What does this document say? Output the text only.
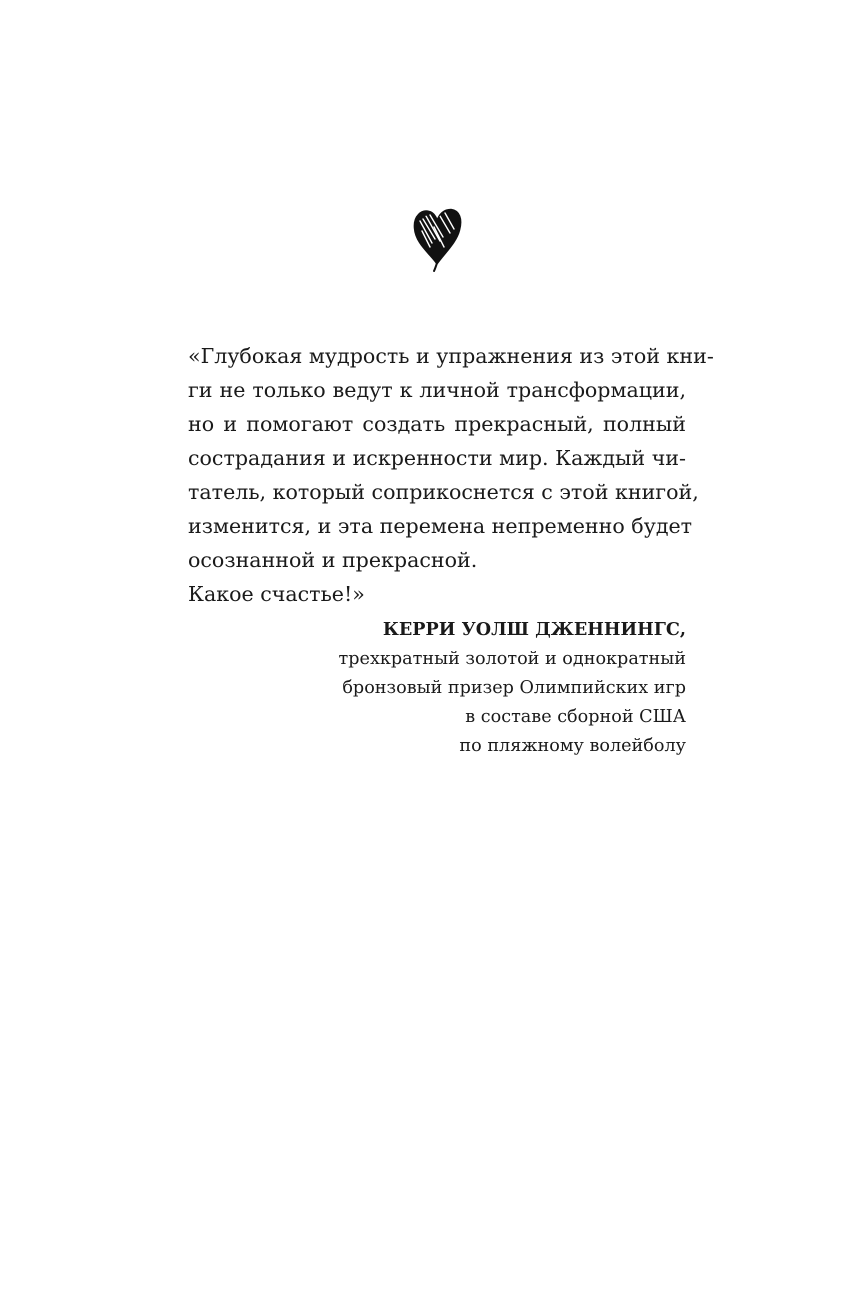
«Глубокая мудрость и упражнения из этой кни-
ги не только ведут к личной трансформации,
но и помогают создать прекрасный, полный
сострадания и искренности мир. Каждый чи-
татель, который соприкоснется с этой книгой,
изменится, и эта перемена непременно будет
осознанной и прекрасной.
Какое счастье!»
КЕРРИ УОЛШ ДЖЕННИНГС,
трехкратный золотой и однократный
бронзовый призер Олимпийских игр
в составе сборной США
по пляжному волейболу
